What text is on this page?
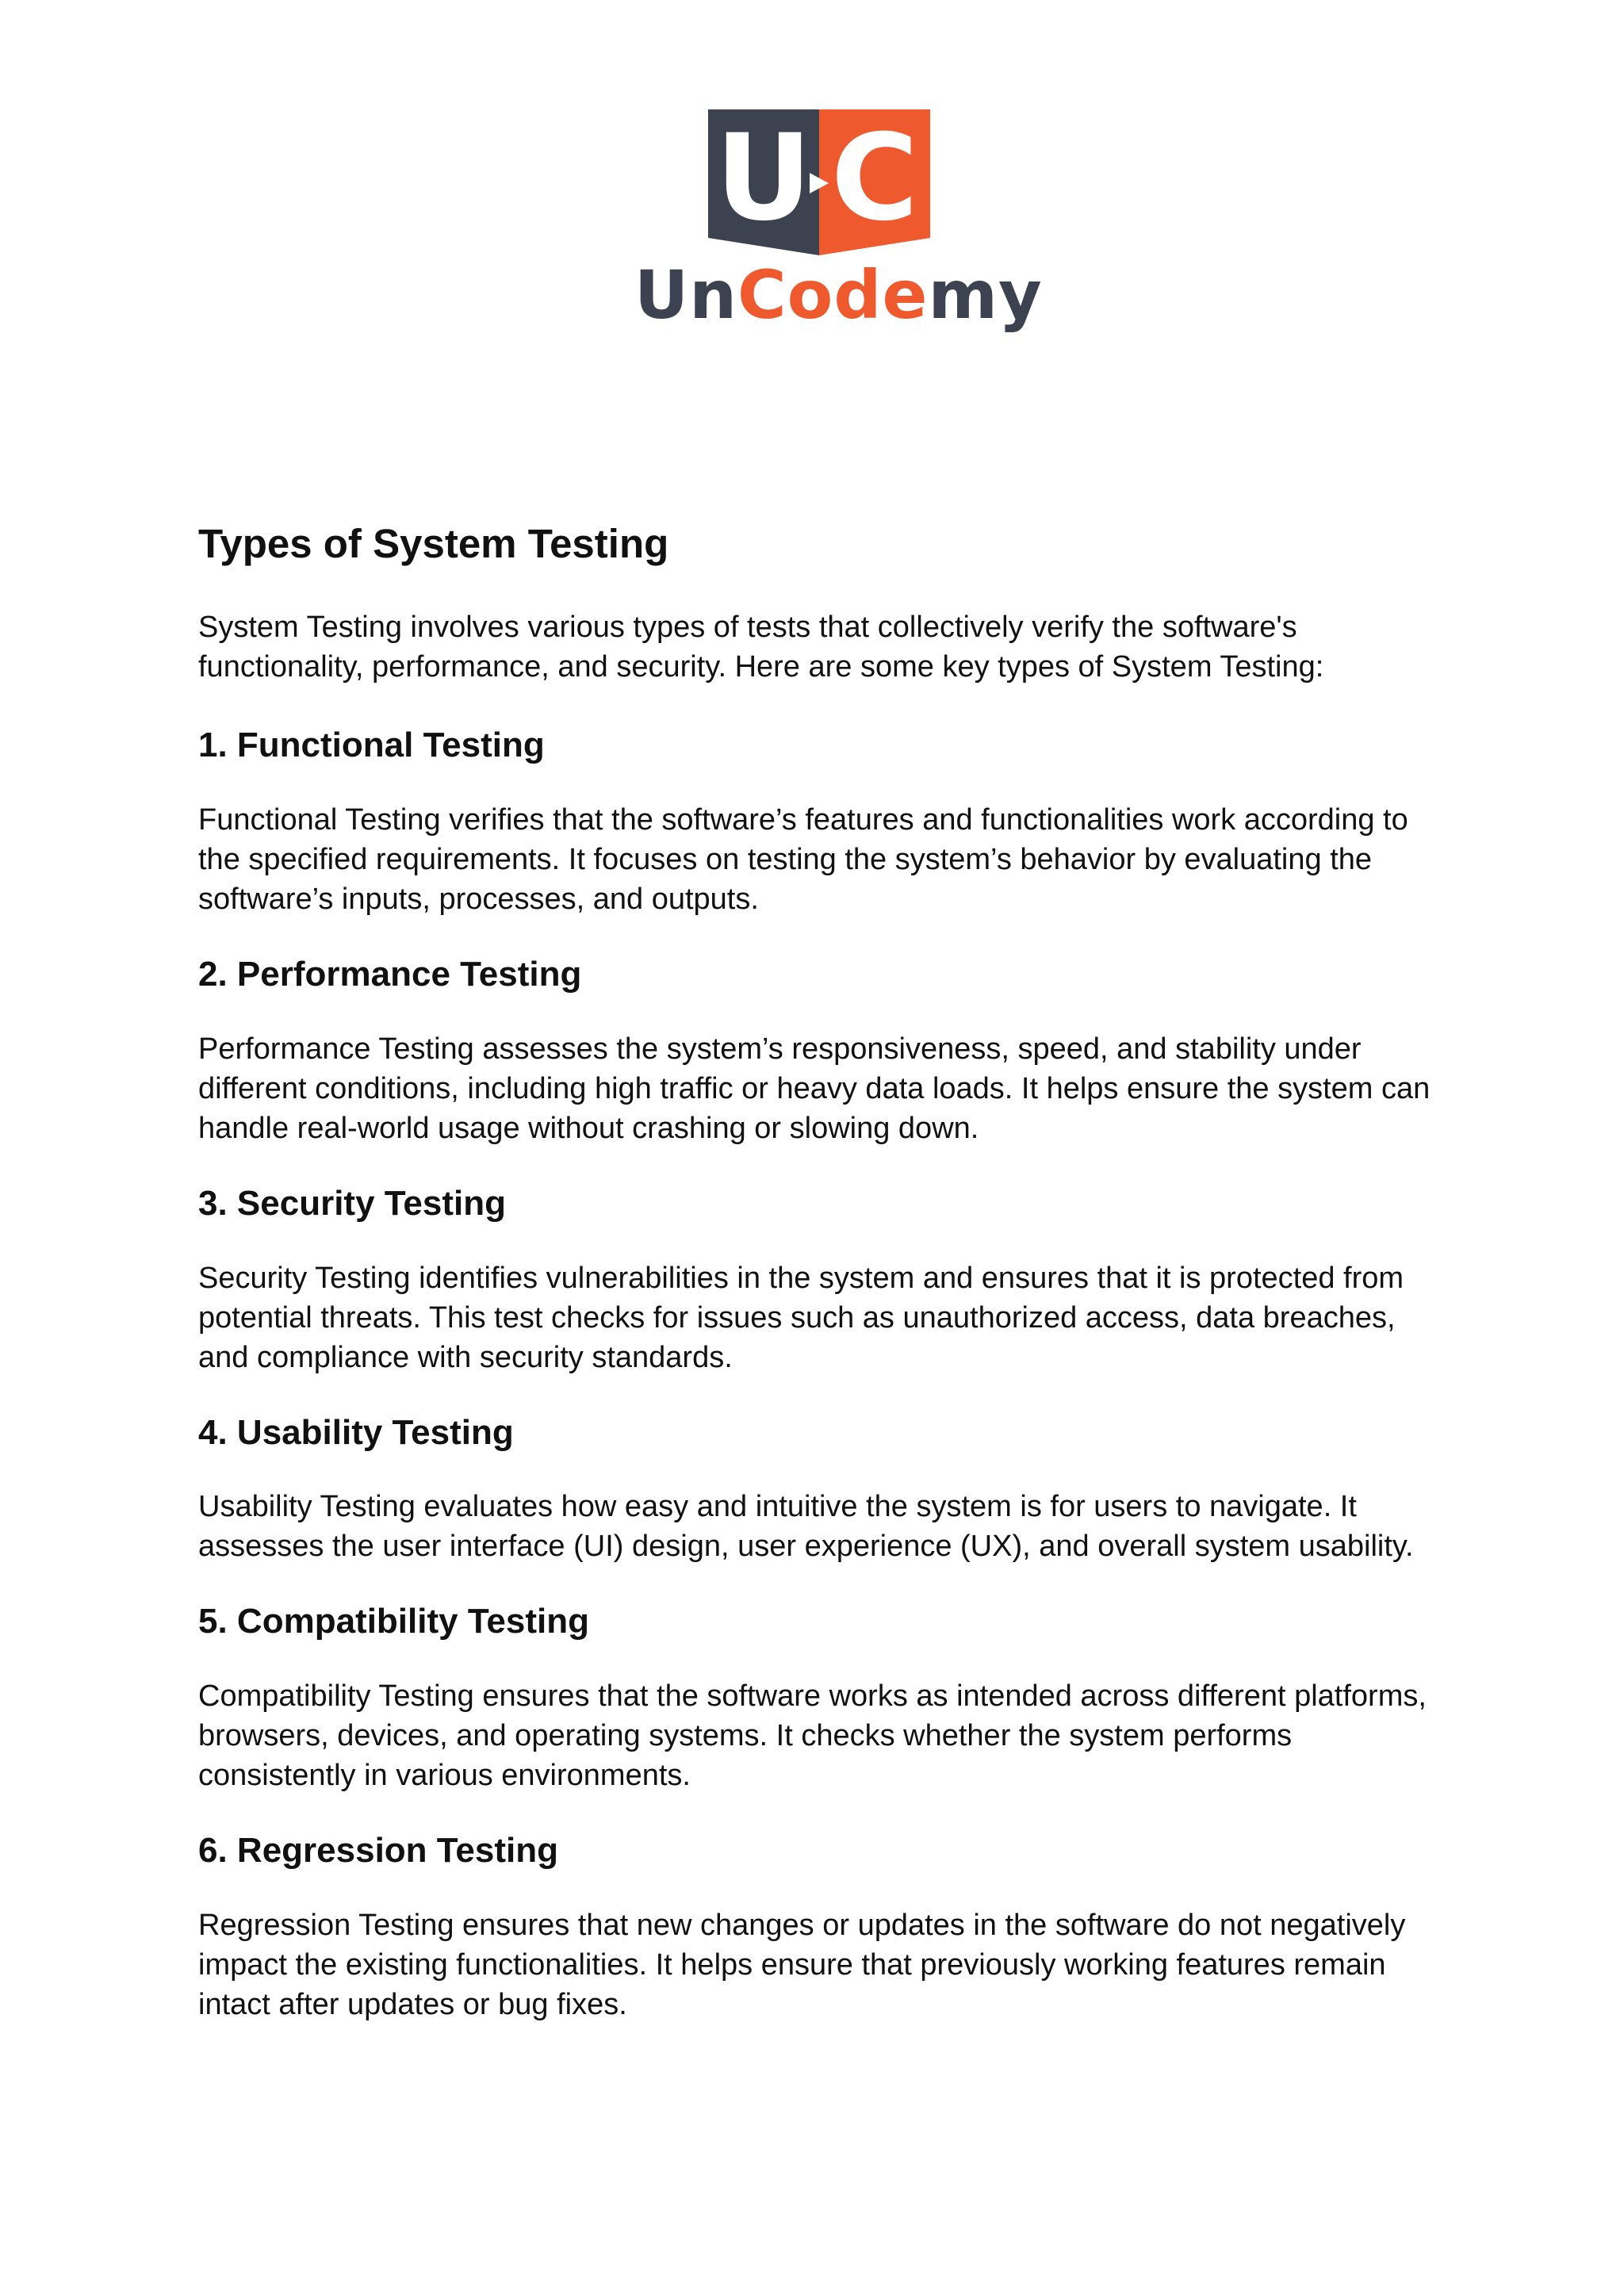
U C
UnCodemy
Types of System Testing

System Testing involves various types of tests that collectively verify the software's functionality, performance, and security. Here are some key types of System Testing:

1. Functional Testing

Functional Testing verifies that the software’s features and functionalities work according to the specified requirements. It focuses on testing the system’s behavior by evaluating the software’s inputs, processes, and outputs.

2. Performance Testing

Performance Testing assesses the system’s responsiveness, speed, and stability under different conditions, including high traffic or heavy data loads. It helps ensure the system can handle real-world usage without crashing or slowing down.

3. Security Testing

Security Testing identifies vulnerabilities in the system and ensures that it is protected from potential threats. This test checks for issues such as unauthorized access, data breaches, and compliance with security standards.

4. Usability Testing

Usability Testing evaluates how easy and intuitive the system is for users to navigate. It assesses the user interface (UI) design, user experience (UX), and overall system usability.

5. Compatibility Testing

Compatibility Testing ensures that the software works as intended across different platforms, browsers, devices, and operating systems. It checks whether the system performs consistently in various environments.

6. Regression Testing

Regression Testing ensures that new changes or updates in the software do not negatively impact the existing functionalities. It helps ensure that previously working features remain intact after updates or bug fixes.
